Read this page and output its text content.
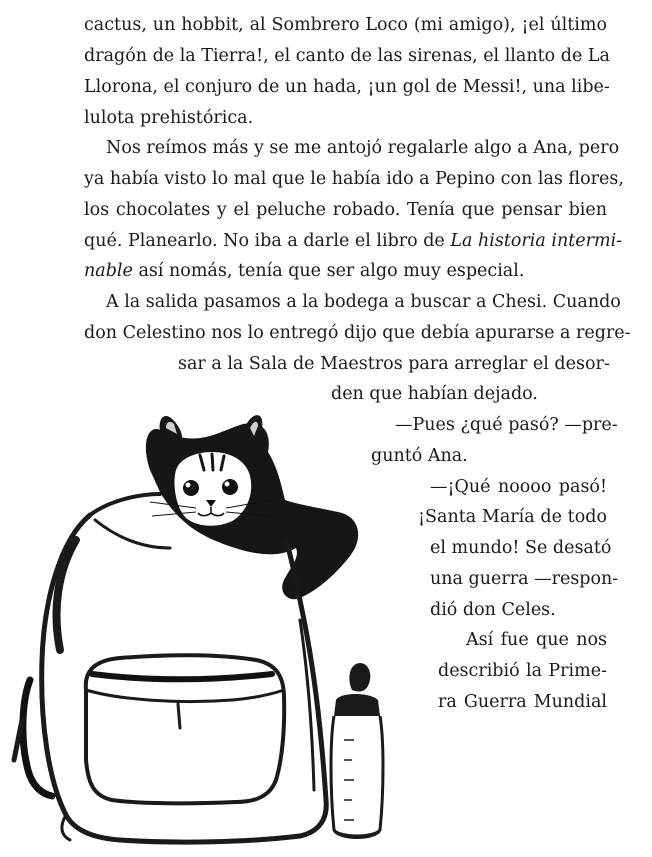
cactus, un hobbit, al Sombrero Loco (mi amigo), ¡el último
dragón de la Tierra!, el canto de las sirenas, el llanto de La
Llorona, el conjuro de un hada, ¡un gol de Messi!, una libe-
lulota prehistórica.
Nos reímos más y se me antojó regalarle algo a Ana, pero
ya había visto lo mal que le había ido a Pepino con las flores,
los chocolates y el peluche robado. Tenía que pensar bien
qué. Planearlo. No iba a darle el libro de La historia intermi-
nable así nomás, tenía que ser algo muy especial.
A la salida pasamos a la bodega a buscar a Chesi. Cuando
don Celestino nos lo entregó dijo que debía apurarse a regre-
sar a la Sala de Maestros para arreglar el desor-
den que habían dejado.
—Pues ¿qué pasó? —pre-
guntó Ana.
—¡Qué noooo pasó!
¡Santa María de todo
el mundo! Se desató
una guerra —respon-
dió don Celes.
Así fue que nos
describió la Prime-
ra Guerra Mundial
